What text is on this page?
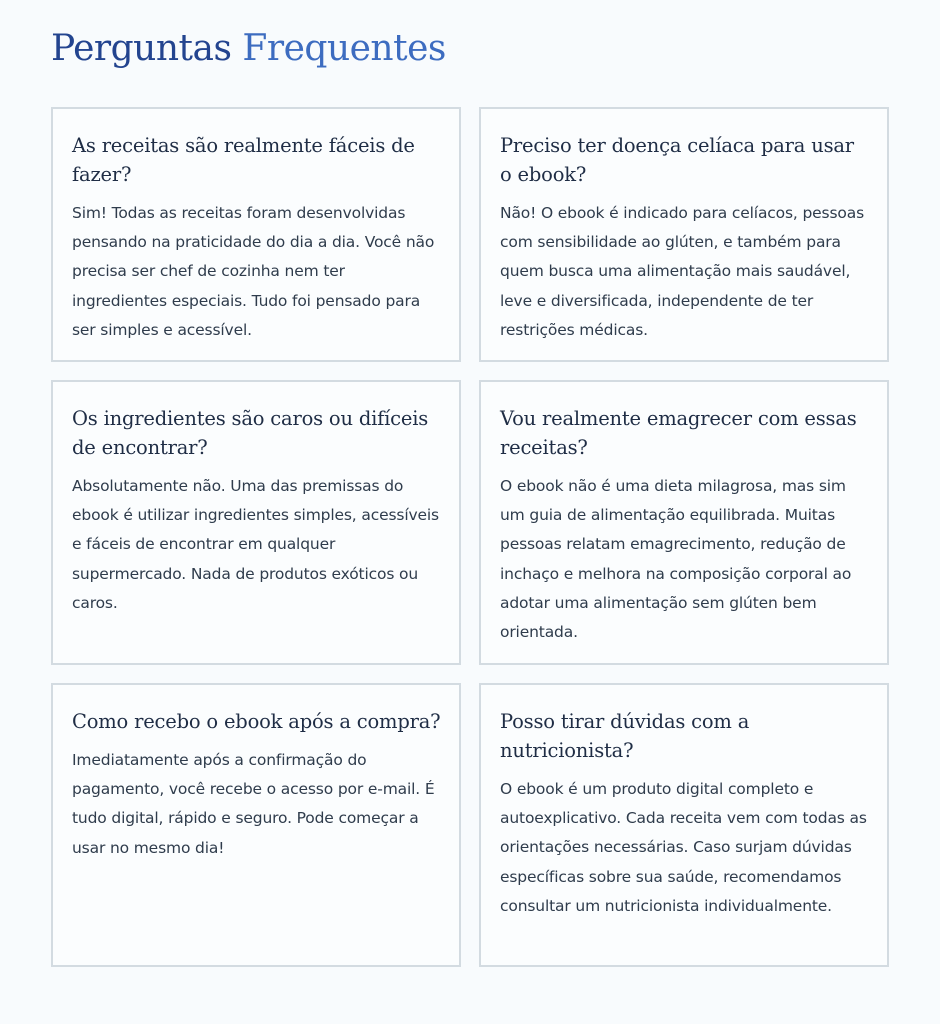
Perguntas Frequentes
As receitas são realmente fáceis de fazer?

Sim! Todas as receitas foram desenvolvidas pensando na praticidade do dia a dia. Você não precisa ser chef de cozinha nem ter ingredientes especiais. Tudo foi pensado para ser simples e acessível.

Preciso ter doença celíaca para usar o ebook?

Não! O ebook é indicado para celíacos, pessoas com sensibilidade ao glúten, e também para quem busca uma alimentação mais saudável, leve e diversificada, independente de ter restrições médicas.

Os ingredientes são caros ou difíceis de encontrar?

Absolutamente não. Uma das premissas do ebook é utilizar ingredientes simples, acessíveis e fáceis de encontrar em qualquer supermercado. Nada de produtos exóticos ou caros.

Vou realmente emagrecer com essas receitas?

O ebook não é uma dieta milagrosa, mas sim um guia de alimentação equilibrada. Muitas pessoas relatam emagrecimento, redução de inchaço e melhora na composição corporal ao adotar uma alimentação sem glúten bem orientada.

Como recebo o ebook após a compra?

Imediatamente após a confirmação do pagamento, você recebe o acesso por e-mail. É tudo digital, rápido e seguro. Pode começar a usar no mesmo dia!

Posso tirar dúvidas com a nutricionista?

O ebook é um produto digital completo e autoexplicativo. Cada receita vem com todas as orientações necessárias. Caso surjam dúvidas específicas sobre sua saúde, recomendamos consultar um nutricionista individualmente.
